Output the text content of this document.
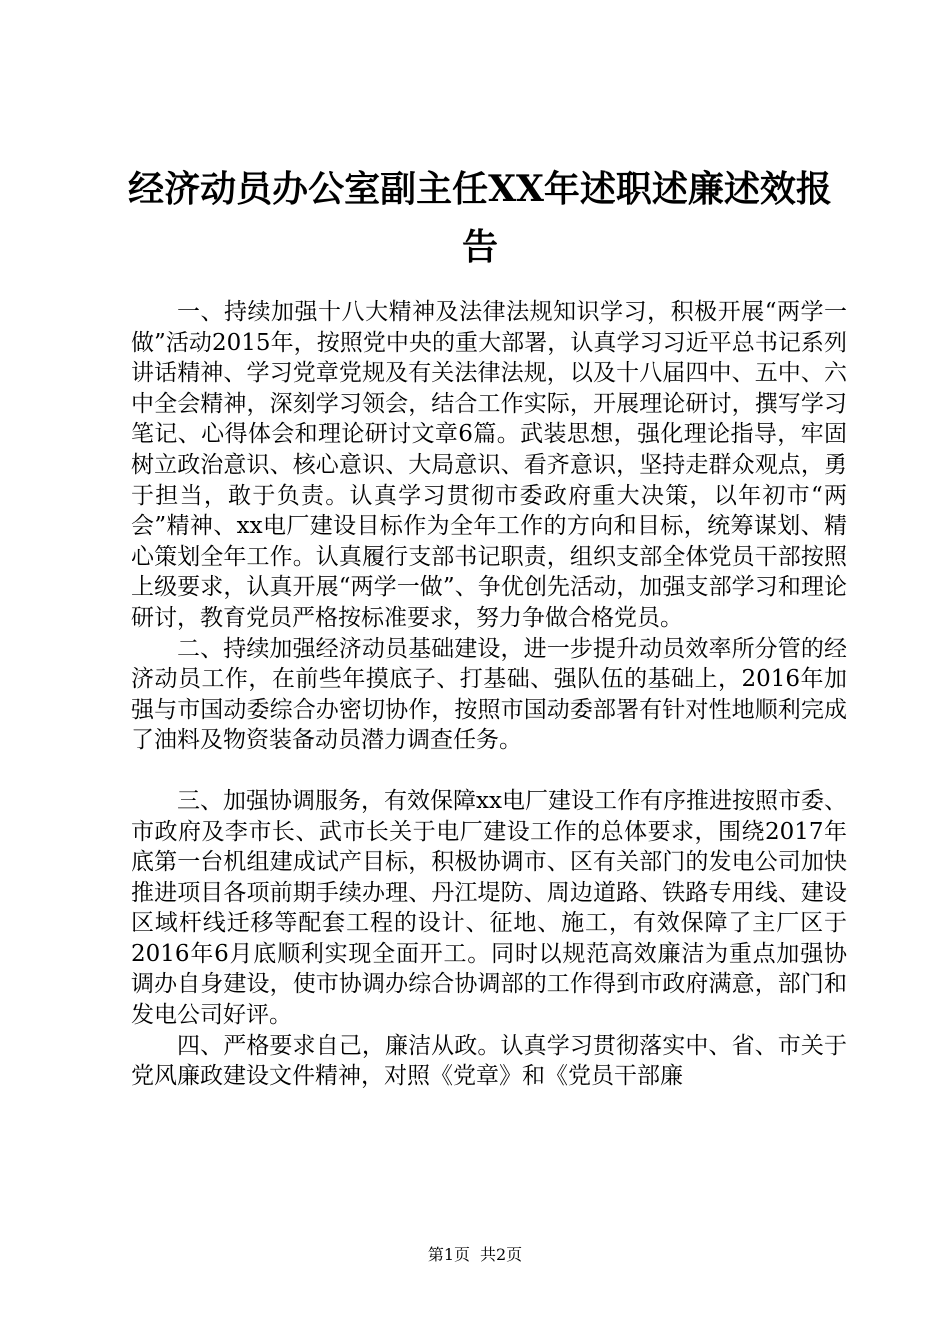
经济动员办公室副主任XX年述职述廉述效报告

一、持续加强十八大精神及法律法规知识学习，积极开展“两学一做”活动2015年，按照党中央的重大部署，认真学习习近平总书记系列讲话精神、学习党章党规及有关法律法规，以及十八届四中、五中、六中全会精神，深刻学习领会，结合工作实际，开展理论研讨，撰写学习笔记、心得体会和理论研讨文章6篇。武装思想，强化理论指导，牢固树立政治意识、核心意识、大局意识、看齐意识，坚持走群众观点，勇于担当，敢于负责。认真学习贯彻市委政府重大决策，以年初市“两会”精神、xx电厂建设目标作为全年工作的方向和目标，统筹谋划、精心策划全年工作。认真履行支部书记职责，组织支部全体党员干部按照上级要求，认真开展“两学一做”、争优创先活动，加强支部学习和理论研讨，教育党员严格按标准要求，努力争做合格党员。

二、持续加强经济动员基础建设，进一步提升动员效率所分管的经济动员工作，在前些年摸底子、打基础、强队伍的基础上，2016年加强与市国动委综合办密切协作，按照市国动委部署有针对性地顺利完成了油料及物资装备动员潜力调查任务。

三、加强协调服务，有效保障xx电厂建设工作有序推进按照市委、市政府及李市长、武市长关于电厂建设工作的总体要求，围绕2017年底第一台机组建成试产目标，积极协调市、区有关部门的发电公司加快推进项目各项前期手续办理、丹江堤防、周边道路、铁路专用线、建设区域杆线迁移等配套工程的设计、征地、施工，有效保障了主厂区于2016年6月底顺利实现全面开工。同时以规范高效廉洁为重点加强协调办自身建设，使市协调办综合协调部的工作得到市政府满意，部门和发电公司好评。

四、严格要求自己，廉洁从政。认真学习贯彻落实中、省、市关于党风廉政建设文件精神，对照《党章》和《党员干部廉

第1页 共2页
